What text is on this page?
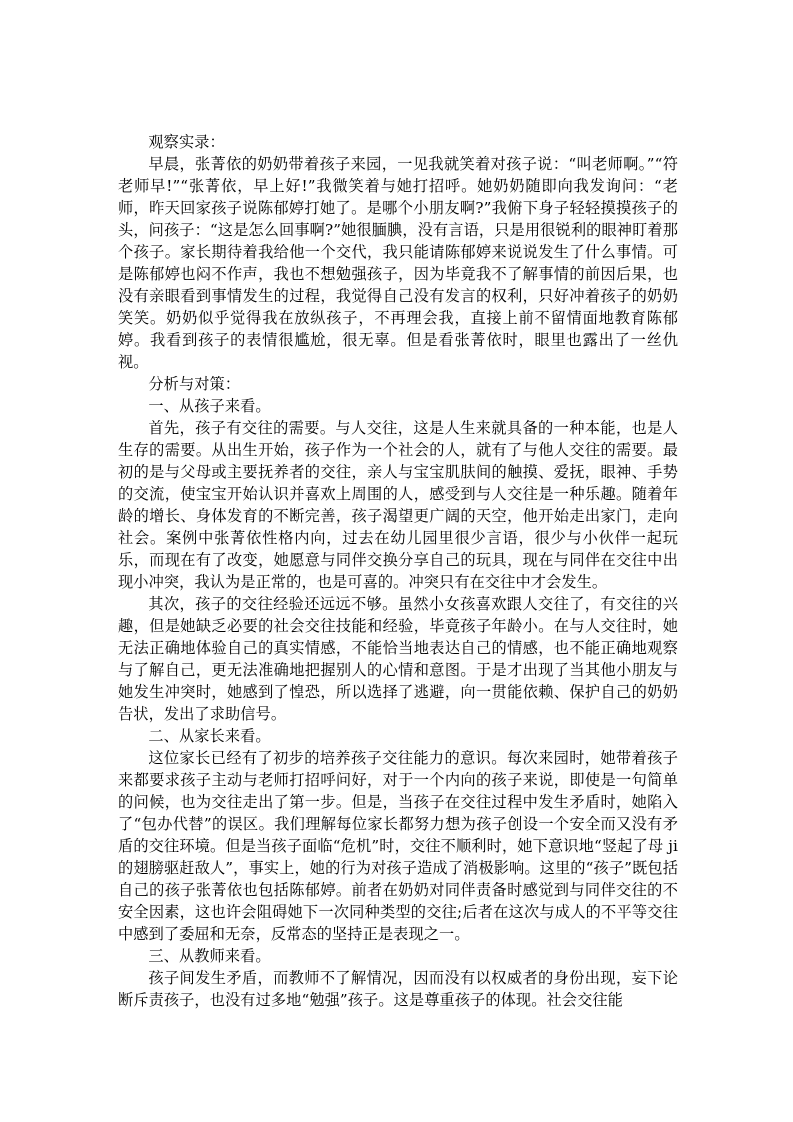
观察实录：

早晨，张菁依的奶奶带着孩子来园，一见我就笑着对孩子说：“叫老师啊。”“符老师早!”“张菁依，早上好!”我微笑着与她打招呼。她奶奶随即向我发询问：“老师，昨天回家孩子说陈郁婷打她了。是哪个小朋友啊?”我俯下身子轻轻摸摸孩子的头，问孩子：“这是怎么回事啊?”她很腼腆，没有言语，只是用很锐利的眼神盯着那个孩子。家长期待着我给他一个交代，我只能请陈郁婷来说说发生了什么事情。可是陈郁婷也闷不作声，我也不想勉强孩子，因为毕竟我不了解事情的前因后果，也没有亲眼看到事情发生的过程，我觉得自己没有发言的权利，只好冲着孩子的奶奶笑笑。奶奶似乎觉得我在放纵孩子，不再理会我，直接上前不留情面地教育陈郁婷。我看到孩子的表情很尴尬，很无辜。但是看张菁依时，眼里也露出了一丝仇视。

分析与对策：

一、从孩子来看。

首先，孩子有交往的需要。与人交往，这是人生来就具备的一种本能，也是人生存的需要。从出生开始，孩子作为一个社会的人，就有了与他人交往的需要。最初的是与父母或主要抚养者的交往，亲人与宝宝肌肤间的触摸、爱抚，眼神、手势的交流，使宝宝开始认识并喜欢上周围的人，感受到与人交往是一种乐趣。随着年龄的增长、身体发育的不断完善，孩子渴望更广阔的天空，他开始走出家门，走向社会。案例中张菁依性格内向，过去在幼儿园里很少言语，很少与小伙伴一起玩乐，而现在有了改变，她愿意与同伴交换分享自己的玩具，现在与同伴在交往中出现小冲突，我认为是正常的，也是可喜的。冲突只有在交往中才会发生。

其次，孩子的交往经验还远远不够。虽然小女孩喜欢跟人交往了，有交往的兴趣，但是她缺乏必要的社会交往技能和经验，毕竟孩子年龄小。在与人交往时，她无法正确地体验自己的真实情感，不能恰当地表达自己的情感，也不能正确地观察与了解自己，更无法准确地把握别人的心情和意图。于是才出现了当其他小朋友与她发生冲突时，她感到了惶恐，所以选择了逃避，向一贯能依赖、保护自己的奶奶告状，发出了求助信号。

二、从家长来看。

这位家长已经有了初步的培养孩子交往能力的意识。每次来园时，她带着孩子来都要求孩子主动与老师打招呼问好，对于一个内向的孩子来说，即使是一句简单的问候，也为交往走出了第一步。但是，当孩子在交往过程中发生矛盾时，她陷入了“包办代替”的误区。我们理解每位家长都努力想为孩子创设一个安全而又没有矛盾的交往环境。但是当孩子面临“危机”时，交往不顺利时，她下意识地“竖起了母 ji 的翅膀驱赶敌人”，事实上，她的行为对孩子造成了消极影响。这里的“孩子”既包括自己的孩子张菁依也包括陈郁婷。前者在奶奶对同伴责备时感觉到与同伴交往的不安全因素，这也许会阻碍她下一次同种类型的交往;后者在这次与成人的不平等交往中感到了委屈和无奈，反常态的坚持正是表现之一。

三、从教师来看。

孩子间发生矛盾，而教师不了解情况，因而没有以权威者的身份出现，妄下论断斥责孩子，也没有过多地“勉强”孩子。这是尊重孩子的体现。社会交往能
